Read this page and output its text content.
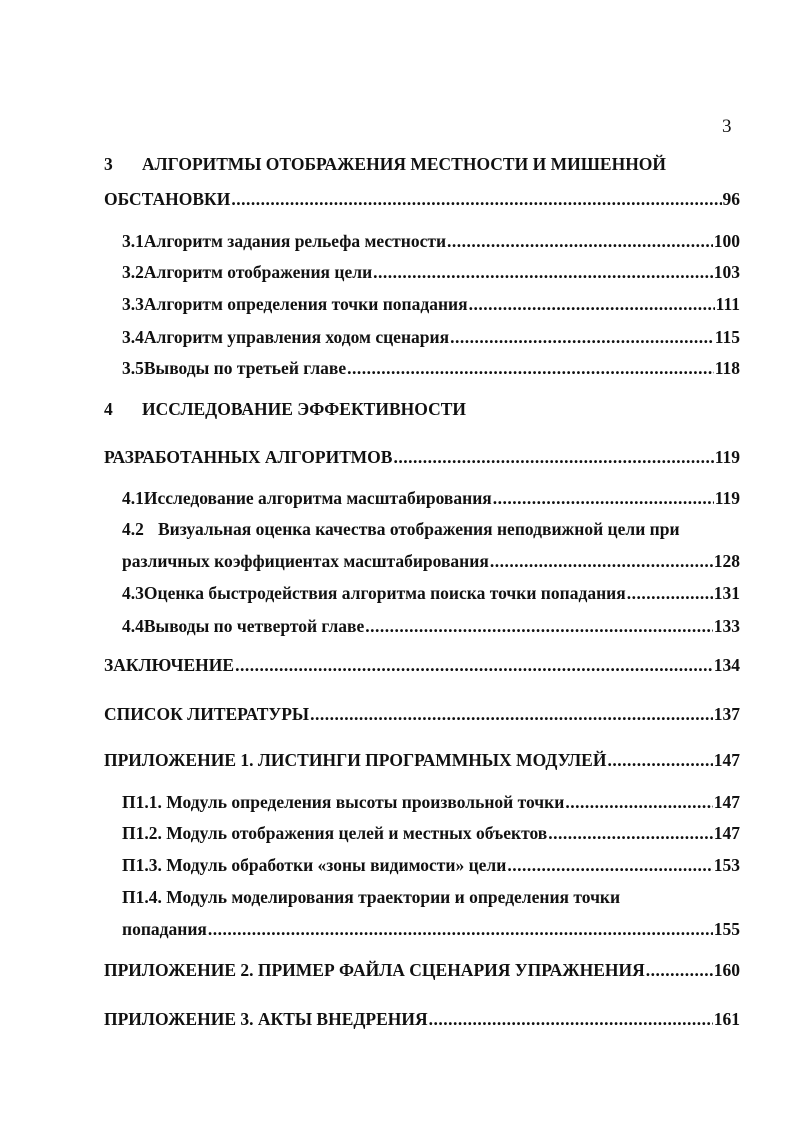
3
3	АЛГОРИТМЫ ОТОБРАЖЕНИЯ МЕСТНОСТИ И МИШЕННОЙ
ОБСТАНОВКИ .....	96
3.1 Алгоритм задания рельефа местности .....	100
3.2 Алгоритм отображения цели .....	103
3.3 Алгоритм определения точки попадания .....	111
3.4 Алгоритм управления ходом сценария .....	115
3.5 Выводы по третьей главе .....	118
4	ИССЛЕДОВАНИЕ ЭФФЕКТИВНОСТИ
РАЗРАБОТАННЫХ АЛГОРИТМОВ .....	119
4.1 Исследование алгоритма масштабирования .....	119
4.2 Визуальная оценка качества отображения неподвижной цели при
различных коэффициентах масштабирования .....	128
4.3 Оценка быстродействия алгоритма поиска точки попадания .....	131
4.4 Выводы по четвертой главе .....	133
ЗАКЛЮЧЕНИЕ .....	134
СПИСОК ЛИТЕРАТУРЫ .....	137
ПРИЛОЖЕНИЕ 1. ЛИСТИНГИ ПРОГРАММНЫХ МОДУЛЕЙ .....	147
П1.1. Модуль определения высоты произвольной точки .....	147
П1.2. Модуль отображения целей и местных объектов .....	147
П1.3. Модуль обработки «зоны видимости» цели .....	153
П1.4. Модуль моделирования траектории и определения точки
попадания .....	155
ПРИЛОЖЕНИЕ 2. ПРИМЕР ФАЙЛА СЦЕНАРИЯ УПРАЖНЕНИЯ .....	160
ПРИЛОЖЕНИЕ 3. АКТЫ ВНЕДРЕНИЯ .....	161
